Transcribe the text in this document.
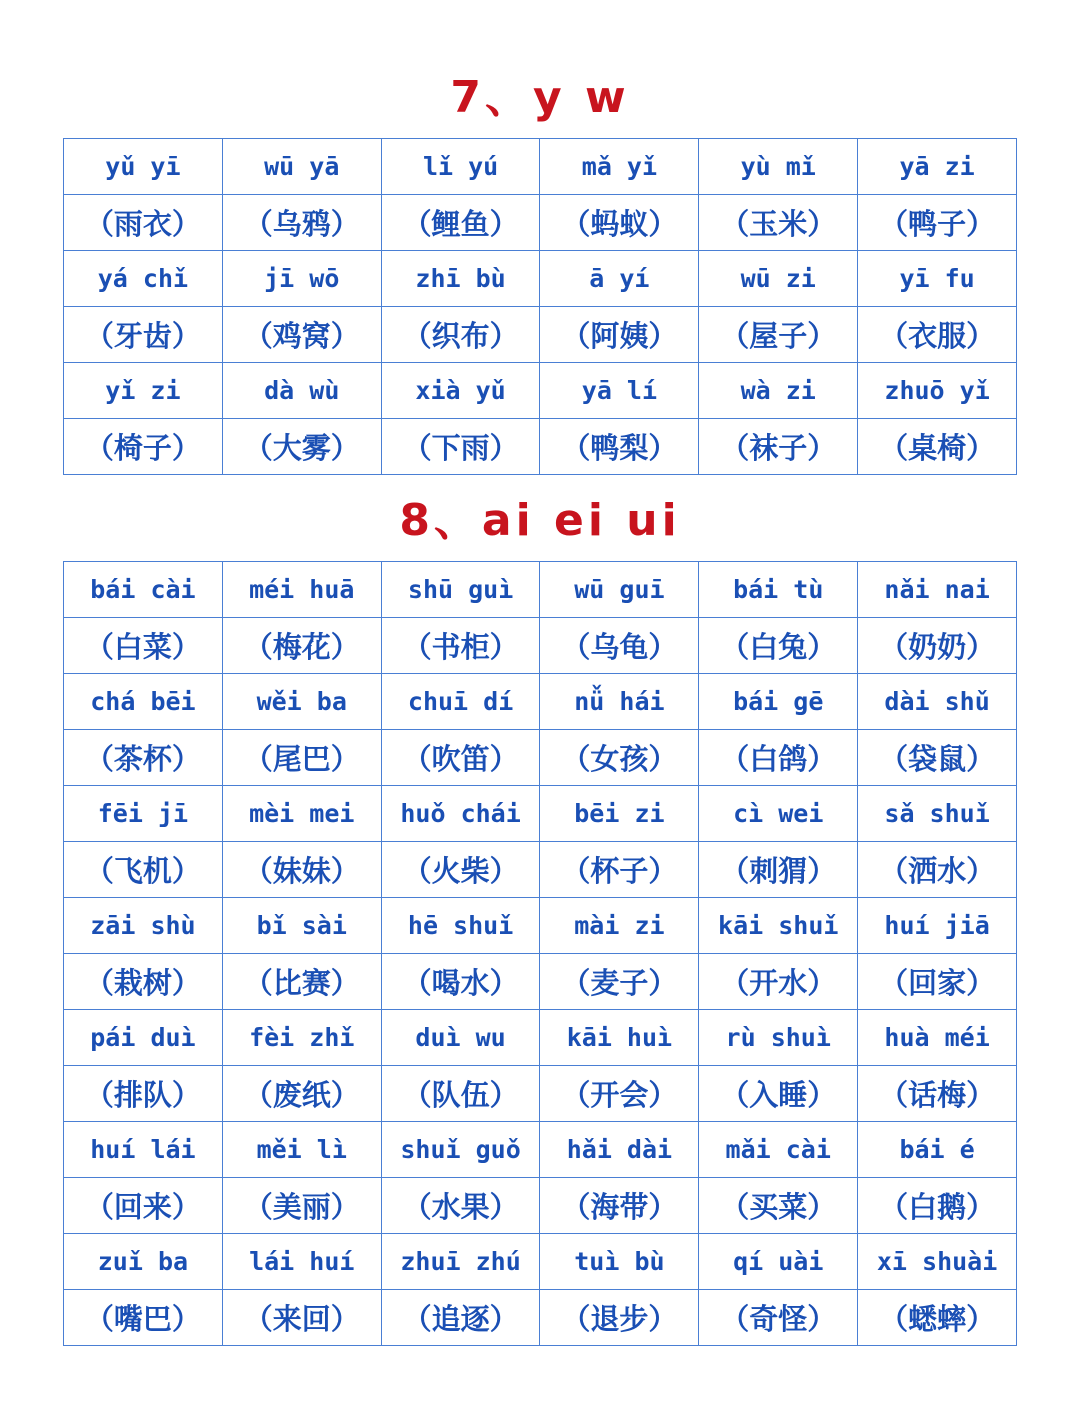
7、y w
yǔ yī	wū yā	lǐ yú	mǎ yǐ	yù mǐ	yā zi
（雨衣）	（乌鸦）	（鲤鱼）	（蚂蚁）	（玉米）	（鸭子）
yá chǐ	jī wō	zhī bù	ā yí	wū zi	yī fu
（牙齿）	（鸡窝）	（织布）	（阿姨）	（屋子）	（衣服）
yǐ zi	dà wù	xià yǔ	yā lí	wà zi	zhuō yǐ
（椅子）	（大雾）	（下雨）	（鸭梨）	（袜子）	（桌椅）
8、ai ei ui
bái cài	méi huā	shū guì	wū guī	bái tù	nǎi nai
（白菜）	（梅花）	（书柜）	（乌龟）	（白兔）	（奶奶）
chá bēi	wěi ba	chuī dí	nǚ hái	bái gē	dài shǔ
（茶杯）	（尾巴）	（吹笛）	（女孩）	（白鸽）	（袋鼠）
fēi jī	mèi mei	huǒ chái	bēi zi	cì wei	sǎ shuǐ
（飞机）	（妹妹）	（火柴）	（杯子）	（刺猬）	（洒水）
zāi shù	bǐ sài	hē shuǐ	mài zi	kāi shuǐ	huí jiā
（栽树）	（比赛）	（喝水）	（麦子）	（开水）	（回家）
pái duì	fèi zhǐ	duì wu	kāi huì	rù shuì	huà méi
（排队）	（废纸）	（队伍）	（开会）	（入睡）	（话梅）
huí lái	měi lì	shuǐ guǒ	hǎi dài	mǎi cài	bái é
（回来）	（美丽）	（水果）	（海带）	（买菜）	（白鹅）
zuǐ ba	lái huí	zhuī zhú	tuì bù	qí uài	xī shuài
（嘴巴）	（来回）	（追逐）	（退步）	（奇怪）	（蟋蟀）
